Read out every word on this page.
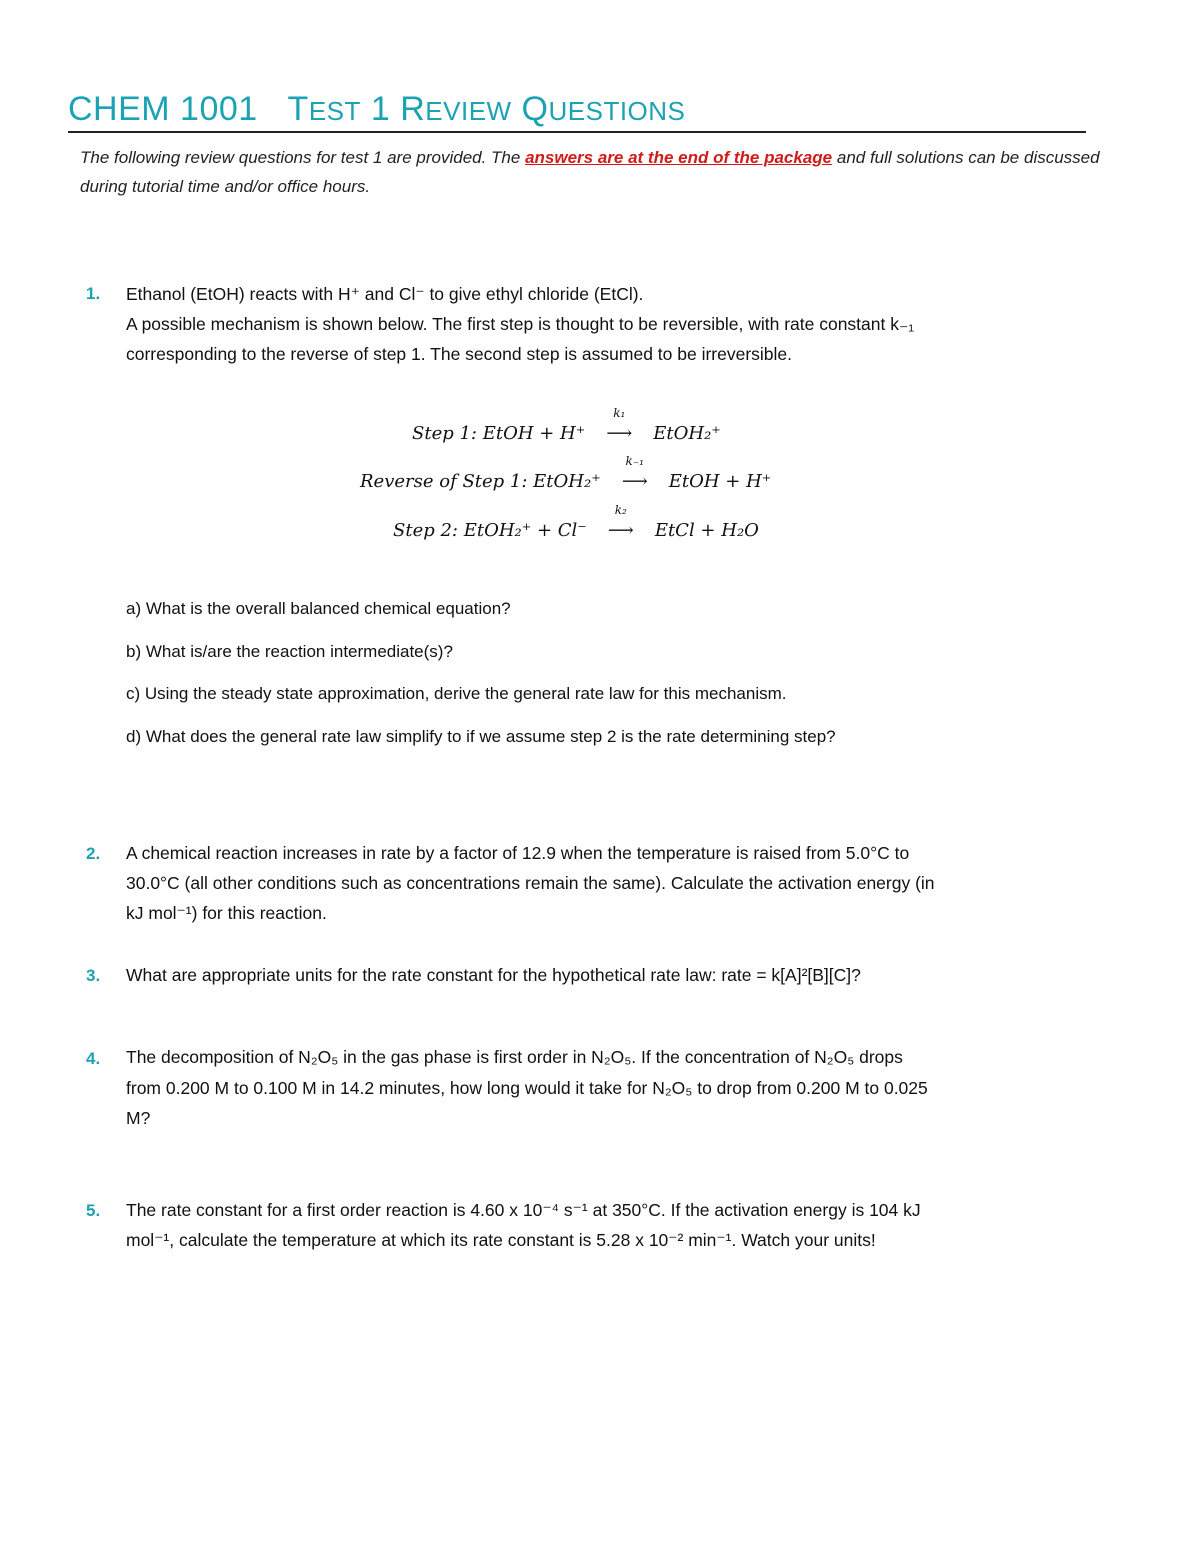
CHEM 1001 TEST 1 REVIEW QUESTIONS
The following review questions for test 1 are provided. The answers are at the end of the package and full solutions can be discussed during tutorial time and/or office hours.
1. Ethanol (EtOH) reacts with H⁺ and Cl⁻ to give ethyl chloride (EtCl).
A possible mechanism is shown below. The first step is thought to be reversible, with rate constant k₋₁
corresponding to the reverse of step 1. The second step is assumed to be irreversible.
Step 1: EtOH + H⁺
k₁
⟶ EtOH₂⁺
Reverse of Step 1: EtOH₂⁺
k₋₁
⟶ EtOH + H⁺
Step 2: EtOH₂⁺ + Cl⁻
k₂
⟶ EtCl + H₂O
a) What is the overall balanced chemical equation?
b) What is/are the reaction intermediate(s)?
c) Using the steady state approximation, derive the general rate law for this mechanism.
d) What does the general rate law simplify to if we assume step 2 is the rate determining step?
2. A chemical reaction increases in rate by a factor of 12.9 when the temperature is raised from 5.0°C to
30.0°C (all other conditions such as concentrations remain the same). Calculate the activation energy (in
kJ mol⁻¹) for this reaction.
3. What are appropriate units for the rate constant for the hypothetical rate law: rate = k[A]²[B][C]?
4. The decomposition of N₂O₅ in the gas phase is first order in N₂O₅. If the concentration of N₂O₅ drops
from 0.200 M to 0.100 M in 14.2 minutes, how long would it take for N₂O₅ to drop from 0.200 M to 0.025
M?
5. The rate constant for a first order reaction is 4.60 x 10⁻⁴ s⁻¹ at 350°C. If the activation energy is 104 kJ
mol⁻¹, calculate the temperature at which its rate constant is 5.28 x 10⁻² min⁻¹. Watch your units!
